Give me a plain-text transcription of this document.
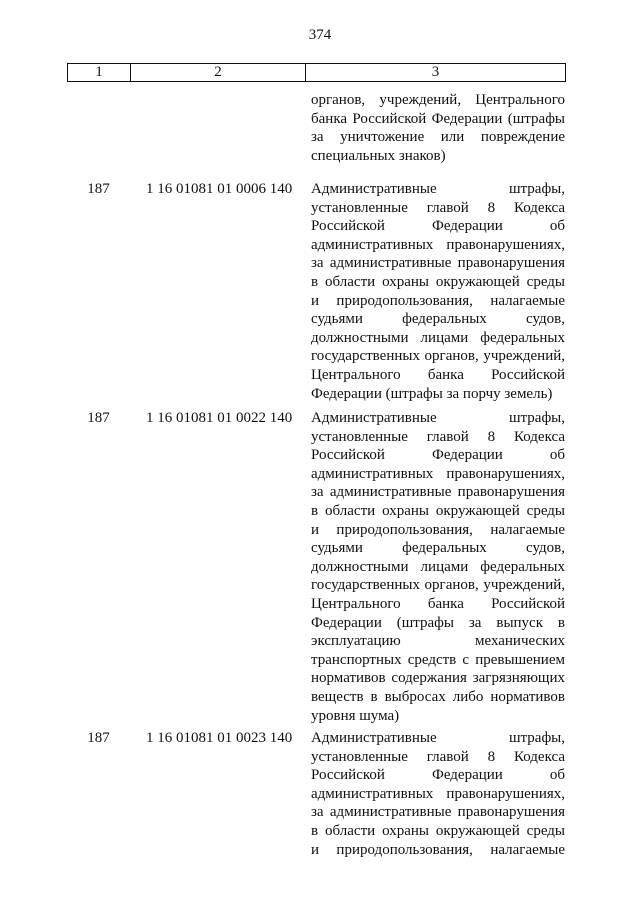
374
1	2	3
органов, учреждений, Центрального
банка Российской Федерации (штрафы
за уничтожение или повреждение
специальных знаков)
187	1 16 01081 01 0006 140 Административные штрафы,
установленные главой 8 Кодекса
Российской Федерации об
административных правонарушениях,
за административные правонарушения
в области охраны окружающей среды
и природопользования, налагаемые
судьями федеральных судов,
должностными лицами федеральных
государственных органов, учреждений,
Центрального банка Российской
Федерации (штрафы за порчу земель)
187	1 16 01081 01 0022 140 Административные штрафы,
установленные главой 8 Кодекса
Российской Федерации об
административных правонарушениях,
за административные правонарушения
в области охраны окружающей среды
и природопользования, налагаемые
судьями федеральных судов,
должностными лицами федеральных
государственных органов, учреждений,
Центрального банка Российской
Федерации (штрафы за выпуск в
эксплуатацию механических
транспортных средств с превышением
нормативов содержания загрязняющих
веществ в выбросах либо нормативов
уровня шума)
187	1 16 01081 01 0023 140 Административные штрафы,
установленные главой 8 Кодекса
Российской Федерации об
административных правонарушениях,
за административные правонарушения
в области охраны окружающей среды
и природопользования, налагаемые
